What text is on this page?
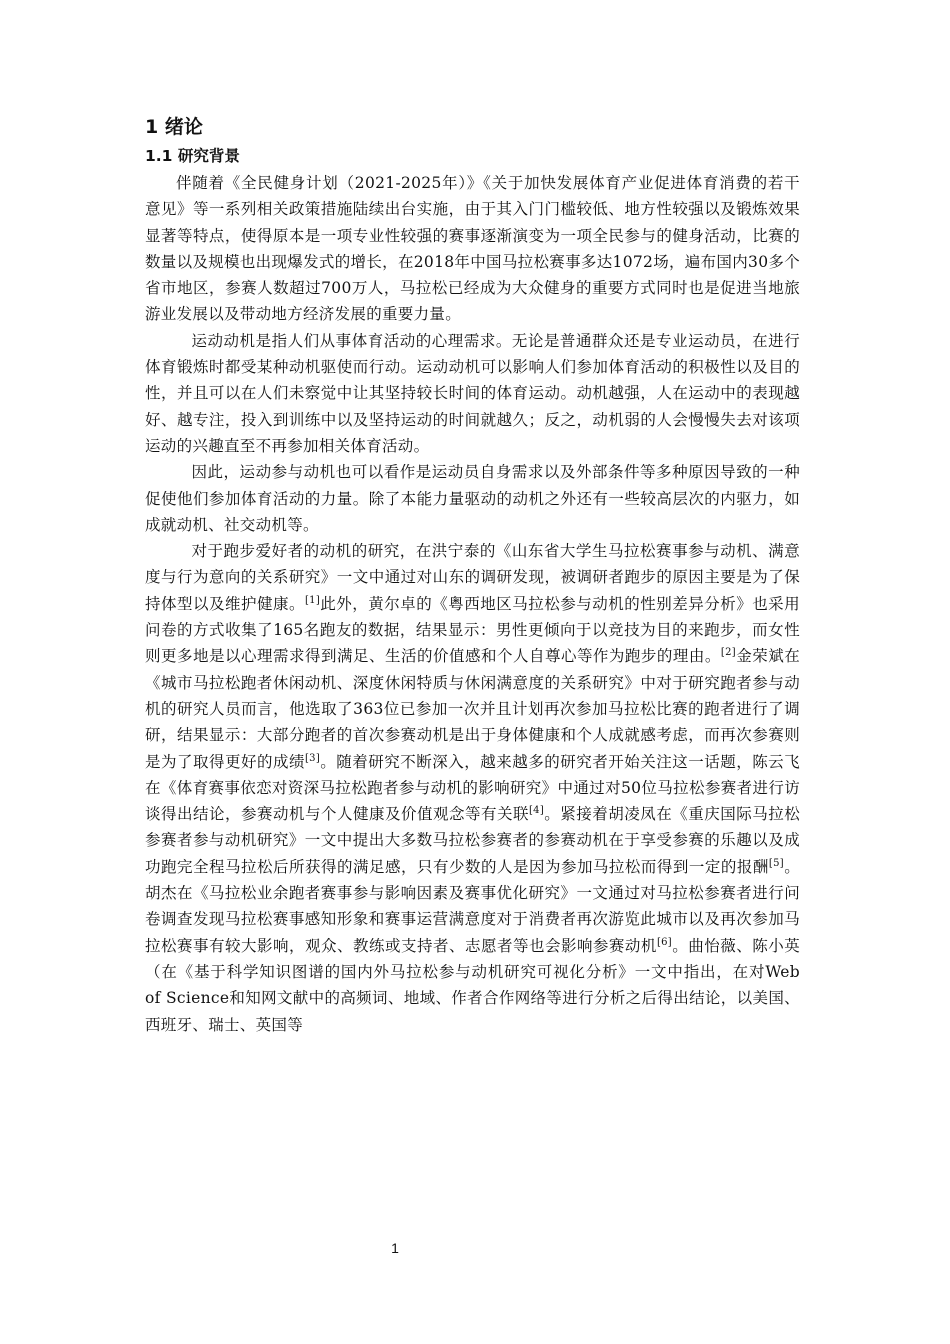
1 绪论
1.1 研究背景

伴随着《全民健身计划（2021-2025年）》《关于加快发展体育产业促进体育消费的若干意见》等一系列相关政策措施陆续出台实施，由于其入门门槛较低、地方性较强以及锻炼效果显著等特点，使得原本是一项专业性较强的赛事逐渐演变为一项全民参与的健身活动，比赛的数量以及规模也出现爆发式的增长，在2018年中国马拉松赛事多达1072场，遍布国内30多个省市地区，参赛人数超过700万人，马拉松已经成为大众健身的重要方式同时也是促进当地旅游业发展以及带动地方经济发展的重要力量。

运动动机是指人们从事体育活动的心理需求。无论是普通群众还是专业运动员，在进行体育锻炼时都受某种动机驱使而行动。运动动机可以影响人们参加体育活动的积极性以及目的性，并且可以在人们未察觉中让其坚持较长时间的体育运动。动机越强，人在运动中的表现越好、越专注，投入到训练中以及坚持运动的时间就越久；反之，动机弱的人会慢慢失去对该项运动的兴趣直至不再参加相关体育活动。

因此，运动参与动机也可以看作是运动员自身需求以及外部条件等多种原因导致的一种促使他们参加体育活动的力量。除了本能力量驱动的动机之外还有一些较高层次的内驱力，如成就动机、社交动机等。

对于跑步爱好者的动机的研究，在洪宁泰的《山东省大学生马拉松赛事参与动机、满意度与行为意向的关系研究》一文中通过对山东的调研发现，被调研者跑步的原因主要是为了保持体型以及维护健康。[1]此外，黄尔卓的《粤西地区马拉松参与动机的性别差异分析》也采用问卷的方式收集了165名跑友的数据，结果显示：男性更倾向于以竞技为目的来跑步，而女性则更多地是以心理需求得到满足、生活的价值感和个人自尊心等作为跑步的理由。[2]金荣斌在《城市马拉松跑者休闲动机、深度休闲特质与休闲满意度的关系研究》中对于研究跑者参与动机的研究人员而言，他选取了363位已参加一次并且计划再次参加马拉松比赛的跑者进行了调研，结果显示：大部分跑者的首次参赛动机是出于身体健康和个人成就感考虑，而再次参赛则是为了取得更好的成绩[3]。随着研究不断深入，越来越多的研究者开始关注这一话题，陈云飞在《体育赛事依恋对资深马拉松跑者参与动机的影响研究》中通过对50位马拉松参赛者进行访谈得出结论，参赛动机与个人健康及价值观念等有关联[4]。紧接着胡凌凤在《重庆国际马拉松参赛者参与动机研究》一文中提出大多数马拉松参赛者的参赛动机在于享受参赛的乐趣以及成功跑完全程马拉松后所获得的满足感，只有少数的人是因为参加马拉松而得到一定的报酬[5]。胡杰在《马拉松业余跑者赛事参与影响因素及赛事优化研究》一文通过对马拉松参赛者进行问卷调查发现马拉松赛事感知形象和赛事运营满意度对于消费者再次游览此城市以及再次参加马拉松赛事有较大影响，观众、教练或支持者、志愿者等也会影响参赛动机[6]。曲怡薇、陈小英（在《基于科学知识图谱的国内外马拉松参与动机研究可视化分析》一文中指出，在对Web of Science和知网文献中的高频词、地域、作者合作网络等进行分析之后得出结论，以美国、西班牙、瑞士、英国等

1
